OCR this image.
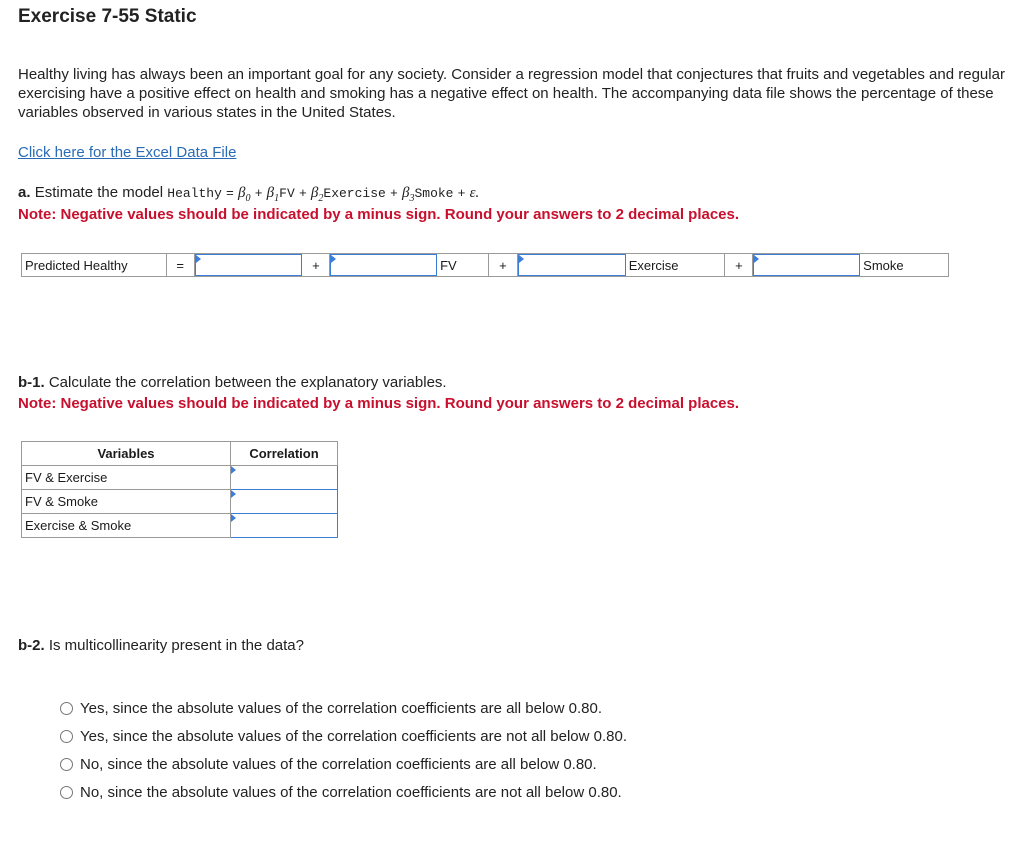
Exercise 7-55 Static
Healthy living has always been an important goal for any society. Consider a regression model that conjectures that fruits and vegetables and regular exercising have a positive effect on health and smoking has a negative effect on health. The accompanying data file shows the percentage of these variables observed in various states in the United States.
Click here for the Excel Data File
a. Estimate the model Healthy = $\beta_0 + \beta_1FV$ + $\beta_2Exercise$ + $\beta_3Smoke + \varepsilon$.
Note: Negative values should be indicated by a minus sign. Round your answers to 2 decimal places.
Predicted Healthy	=	+	FV	+	Exercise	+	Smoke
b-1. Calculate the correlation between the explanatory variables.
Note: Negative values should be indicated by a minus sign. Round your answers to 2 decimal places.
Variables	Correlation
FV & Exercise	

FV & Smoke	

Exercise & Smoke	
b-2. Is multicollinearity present in the data?
Yes, since the absolute values of the correlation coefficients are all below 0.80.
Yes, since the absolute values of the correlation coefficients are not all below 0.80.
No, since the absolute values of the correlation coefficients are all below 0.80.
No, since the absolute values of the correlation coefficients are not all below 0.80.
